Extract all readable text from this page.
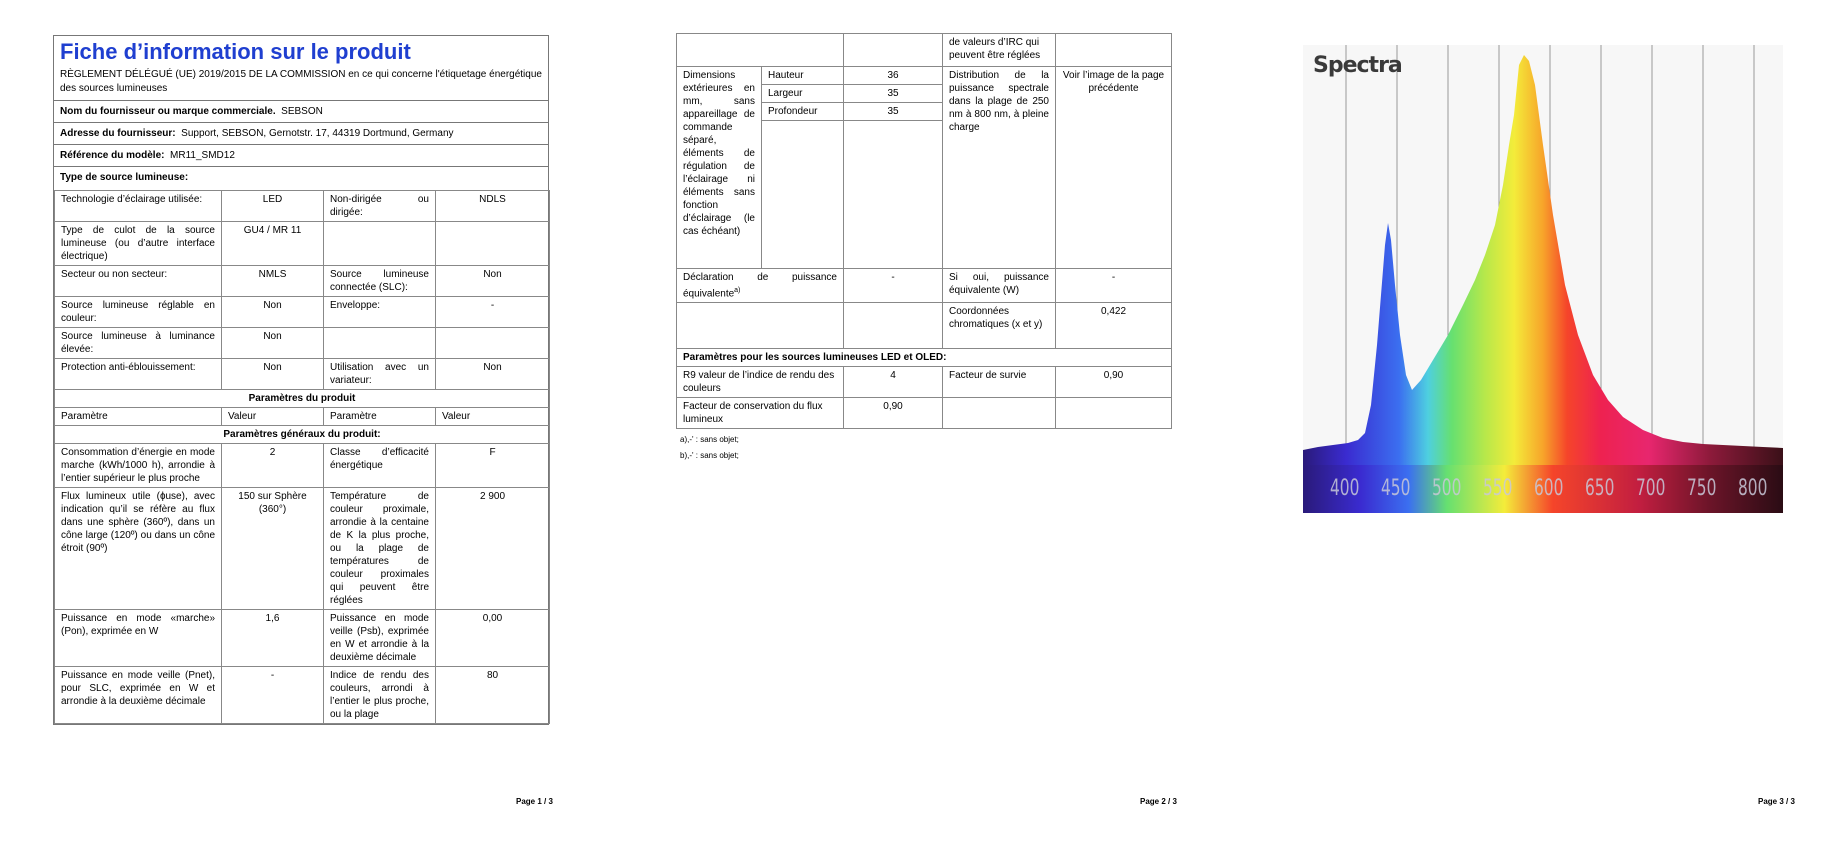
Fiche d’information sur le produit
RÈGLEMENT DÉLÉGUÉ (UE) 2019/2015 DE LA COMMISSION en ce qui concerne l'étiquetage énergétique des sources lumineuses
Nom du fournisseur ou marque commerciale. SEBSON
Adresse du fournisseur: Support, SEBSON, Gernotstr. 17, 44319 Dortmund, Germany
Référence du modèle: MR11_SMD12
Type de source lumineuse:
Technologie d’éclairage utilisée:	LED	Non-dirigée ou dirigée:	NDLS
Type de culot de la source lumineuse (ou d’autre interface électrique)	GU4 / MR 11		
Secteur ou non secteur:	NMLS	Source lumineuse connectée (SLC):	Non
Source lumineuse réglable en couleur:	Non	Enveloppe:	-
Source lumineuse à luminance élevée:	Non		
Protection anti-éblouissement:	Non	Utilisation avec un variateur:	Non
Paramètres du produit			
Paramètre	Valeur	Paramètre	Valeur
Paramètres généraux du produit:			
Consommation d’énergie en mode marche (kWh/1000 h), arrondie à l’entier supérieur le plus proche	2	Classe d’efficacité énergétique	F
Flux lumineux utile (ɸuse), avec indication qu’il se réfère au flux dans une sphère (360º), dans un cône large (120º) ou dans un cône étroit (90º)	150 sur Sphère (360°)	Température de couleur proximale, arrondie à la centaine de K la plus proche, ou la plage de températures de couleur proximales qui peuvent être réglées	2 900
Puissance en mode «marche» (Pon), exprimée en W	1,6	Puissance en mode veille (Psb), exprimée en W et arrondie à la deuxième décimale	0,00
Puissance en mode veille (Pnet), pour SLC, exprimée en W et arrondie à la deuxième décimale	-	Indice de rendu des couleurs, arrondi à l’entier le plus proche, ou la plage	80
Page 1 / 3
			de valeurs d’IRC qui peuvent être réglées	
Dimensions extérieures en mm, sans appareillage de commande séparé, éléments de régulation de l’éclairage ni éléments sans fonction d’éclairage (le cas échéant)	Hauteur	36	Distribution de la puissance spectrale dans la plage de 250 nm à 800 nm, à pleine charge	Voir l’image de la page précédente
	Largeur	35		
	Profondeur	35		

Déclaration de puissance équivalente$^{a)}$		-	Si oui, puissance équivalente (W)	-
			Coordonnées chromatiques (x et y)	0,422
Paramètres pour les sources lumineuses LED et OLED:				
R9 valeur de l’indice de rendu des couleurs		4	Facteur de survie	0,90
Facteur de conservation du flux lumineux		0,90		
a),-' : sans objet;
b),-' : sans objet;
Page 2 / 3
Spectra
400 450 500 550 600 650 700 750 800
Page 3 / 3
